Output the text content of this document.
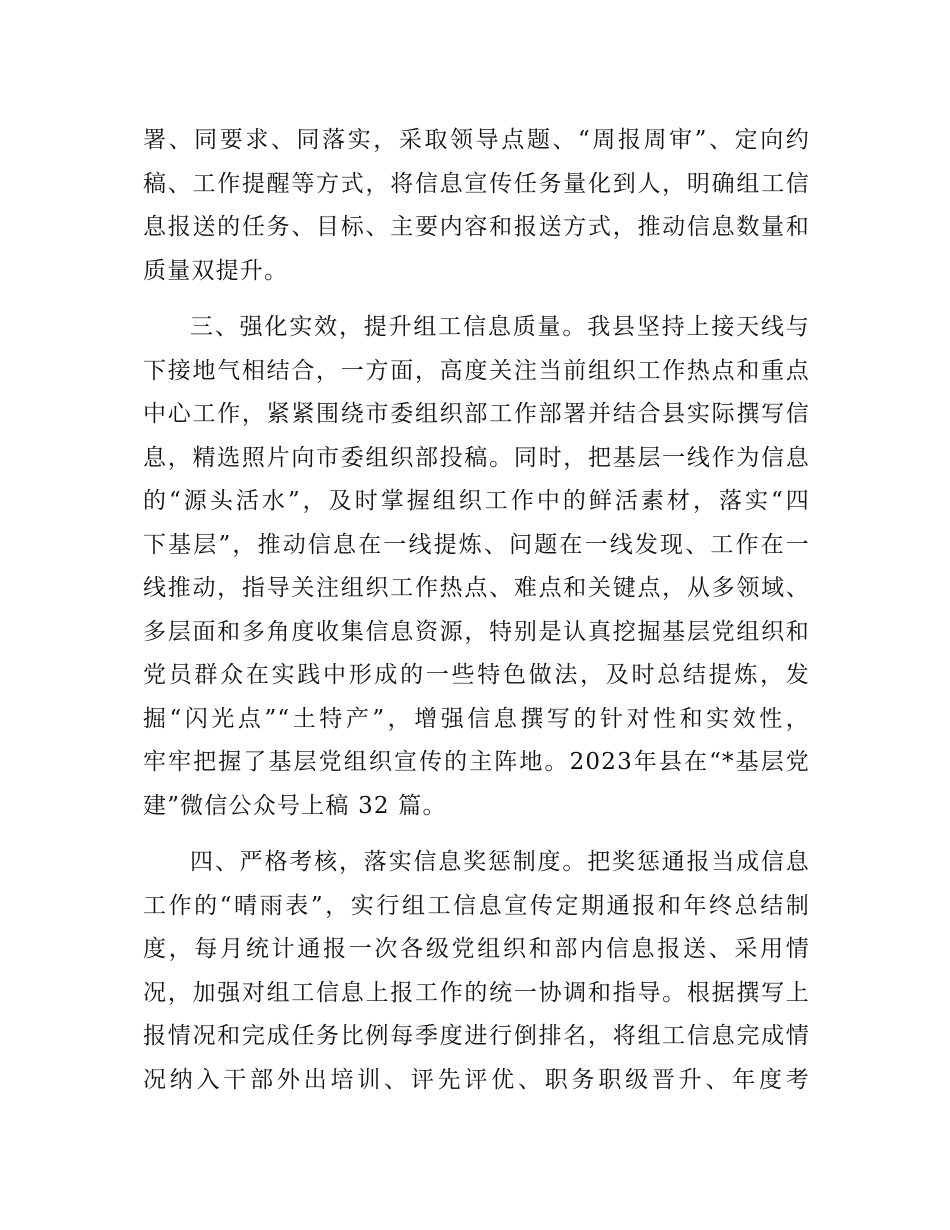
署、同要求、同落实，采取领导点题、“周报周审”、定向约
稿、工作提醒等方式，将信息宣传任务量化到人，明确组工信
息报送的任务、目标、主要内容和报送方式，推动信息数量和
质量双提升。
三、强化实效，提升组工信息质量。我县坚持上接天线与
下接地气相结合，一方面，高度关注当前组织工作热点和重点
中心工作，紧紧围绕市委组织部工作部署并结合县实际撰写信
息，精选照片向市委组织部投稿。同时，把基层一线作为信息
的“源头活水”，及时掌握组织工作中的鲜活素材，落实“四
下基层”，推动信息在一线提炼、问题在一线发现、工作在一
线推动，指导关注组织工作热点、难点和关键点，从多领域、
多层面和多角度收集信息资源，特别是认真挖掘基层党组织和
党员群众在实践中形成的一些特色做法，及时总结提炼，发
掘“闪光点”“土特产”，增强信息撰写的针对性和实效性，
牢牢把握了基层党组织宣传的主阵地。2023年县在“*基层党
建”微信公众号上稿 32 篇。
四、严格考核，落实信息奖惩制度。把奖惩通报当成信息
工作的“晴雨表”，实行组工信息宣传定期通报和年终总结制
度，每月统计通报一次各级党组织和部内信息报送、采用情
况，加强对组工信息上报工作的统一协调和指导。根据撰写上
报情况和完成任务比例每季度进行倒排名，将组工信息完成情
况纳入干部外出培训、评先评优、职务职级晋升、年度考
